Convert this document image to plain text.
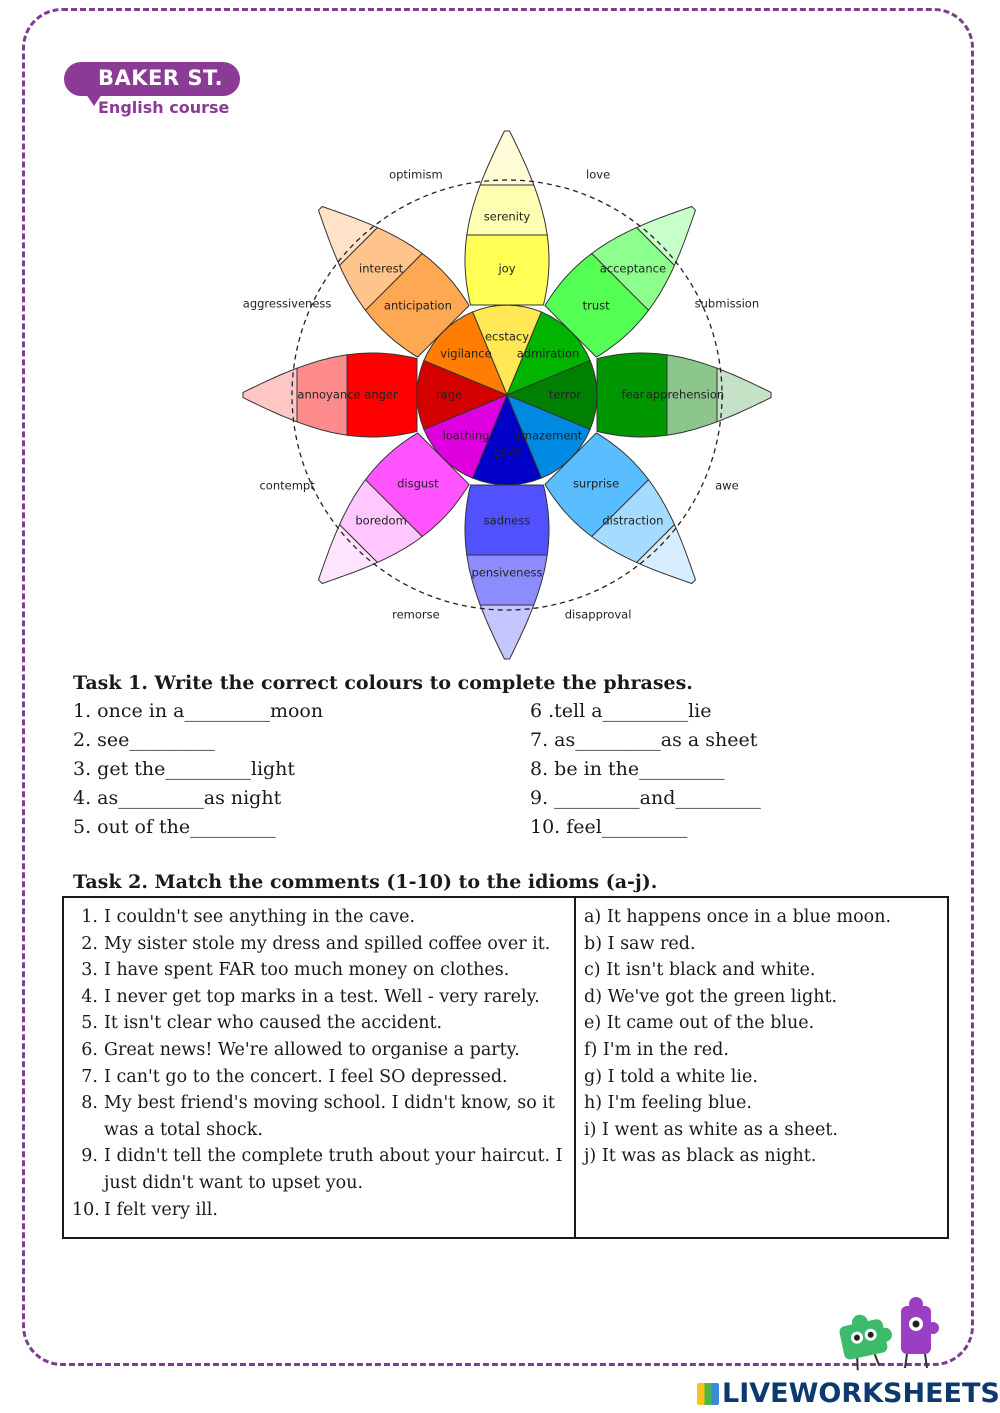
BAKER ST.
English course
ecstacy
joy
serenity
love
admiration
trust
acceptance
submission
terror	fear apprehension
awe
amazement
surprise
distraction
disapproval
grief
sadness
pensiveness
remorse
loathing
disgust
boredom
contempt
rage
anger
annoyance
aggressiveness
vigilance
anticipation
interest
optimism
Task 1. Write the correct colours to complete the phrases.
1. once in a_________moon
2. see_________
3. get the_________light
4. as_________as night
5. out of the_________
6 .tell a_________lie
7. as_________as a sheet
8. be in the_________
9. _________and_________
10. feel_________
Task 2. Match the comments (1-10) to the idioms (a-j).
1. I couldn't see anything in the cave.
2. My sister stole my dress and spilled coffee over it.
3. I have spent FAR too much money on clothes.
4. I never get top marks in a test. Well - very rarely.
5. It isn't clear who caused the accident.
6. Great news! We're allowed to organise a party.
7. I can't go to the concert. I feel SO depressed.
8. My best friend's moving school. I didn't know, so it was a total shock.
9. I didn't tell the complete truth about your haircut. I just didn't want to upset you.
10. I felt very ill.

a) It happens once in a blue moon.
b) I saw red.
c) It isn't black and white.
d) We've got the green light.
e) It came out of the blue.
f) I'm in the red.
g) I told a white lie.
h) I'm feeling blue.
i) I went as white as a sheet.
j) It was as black as night.
LIVEWORKSHEETS
